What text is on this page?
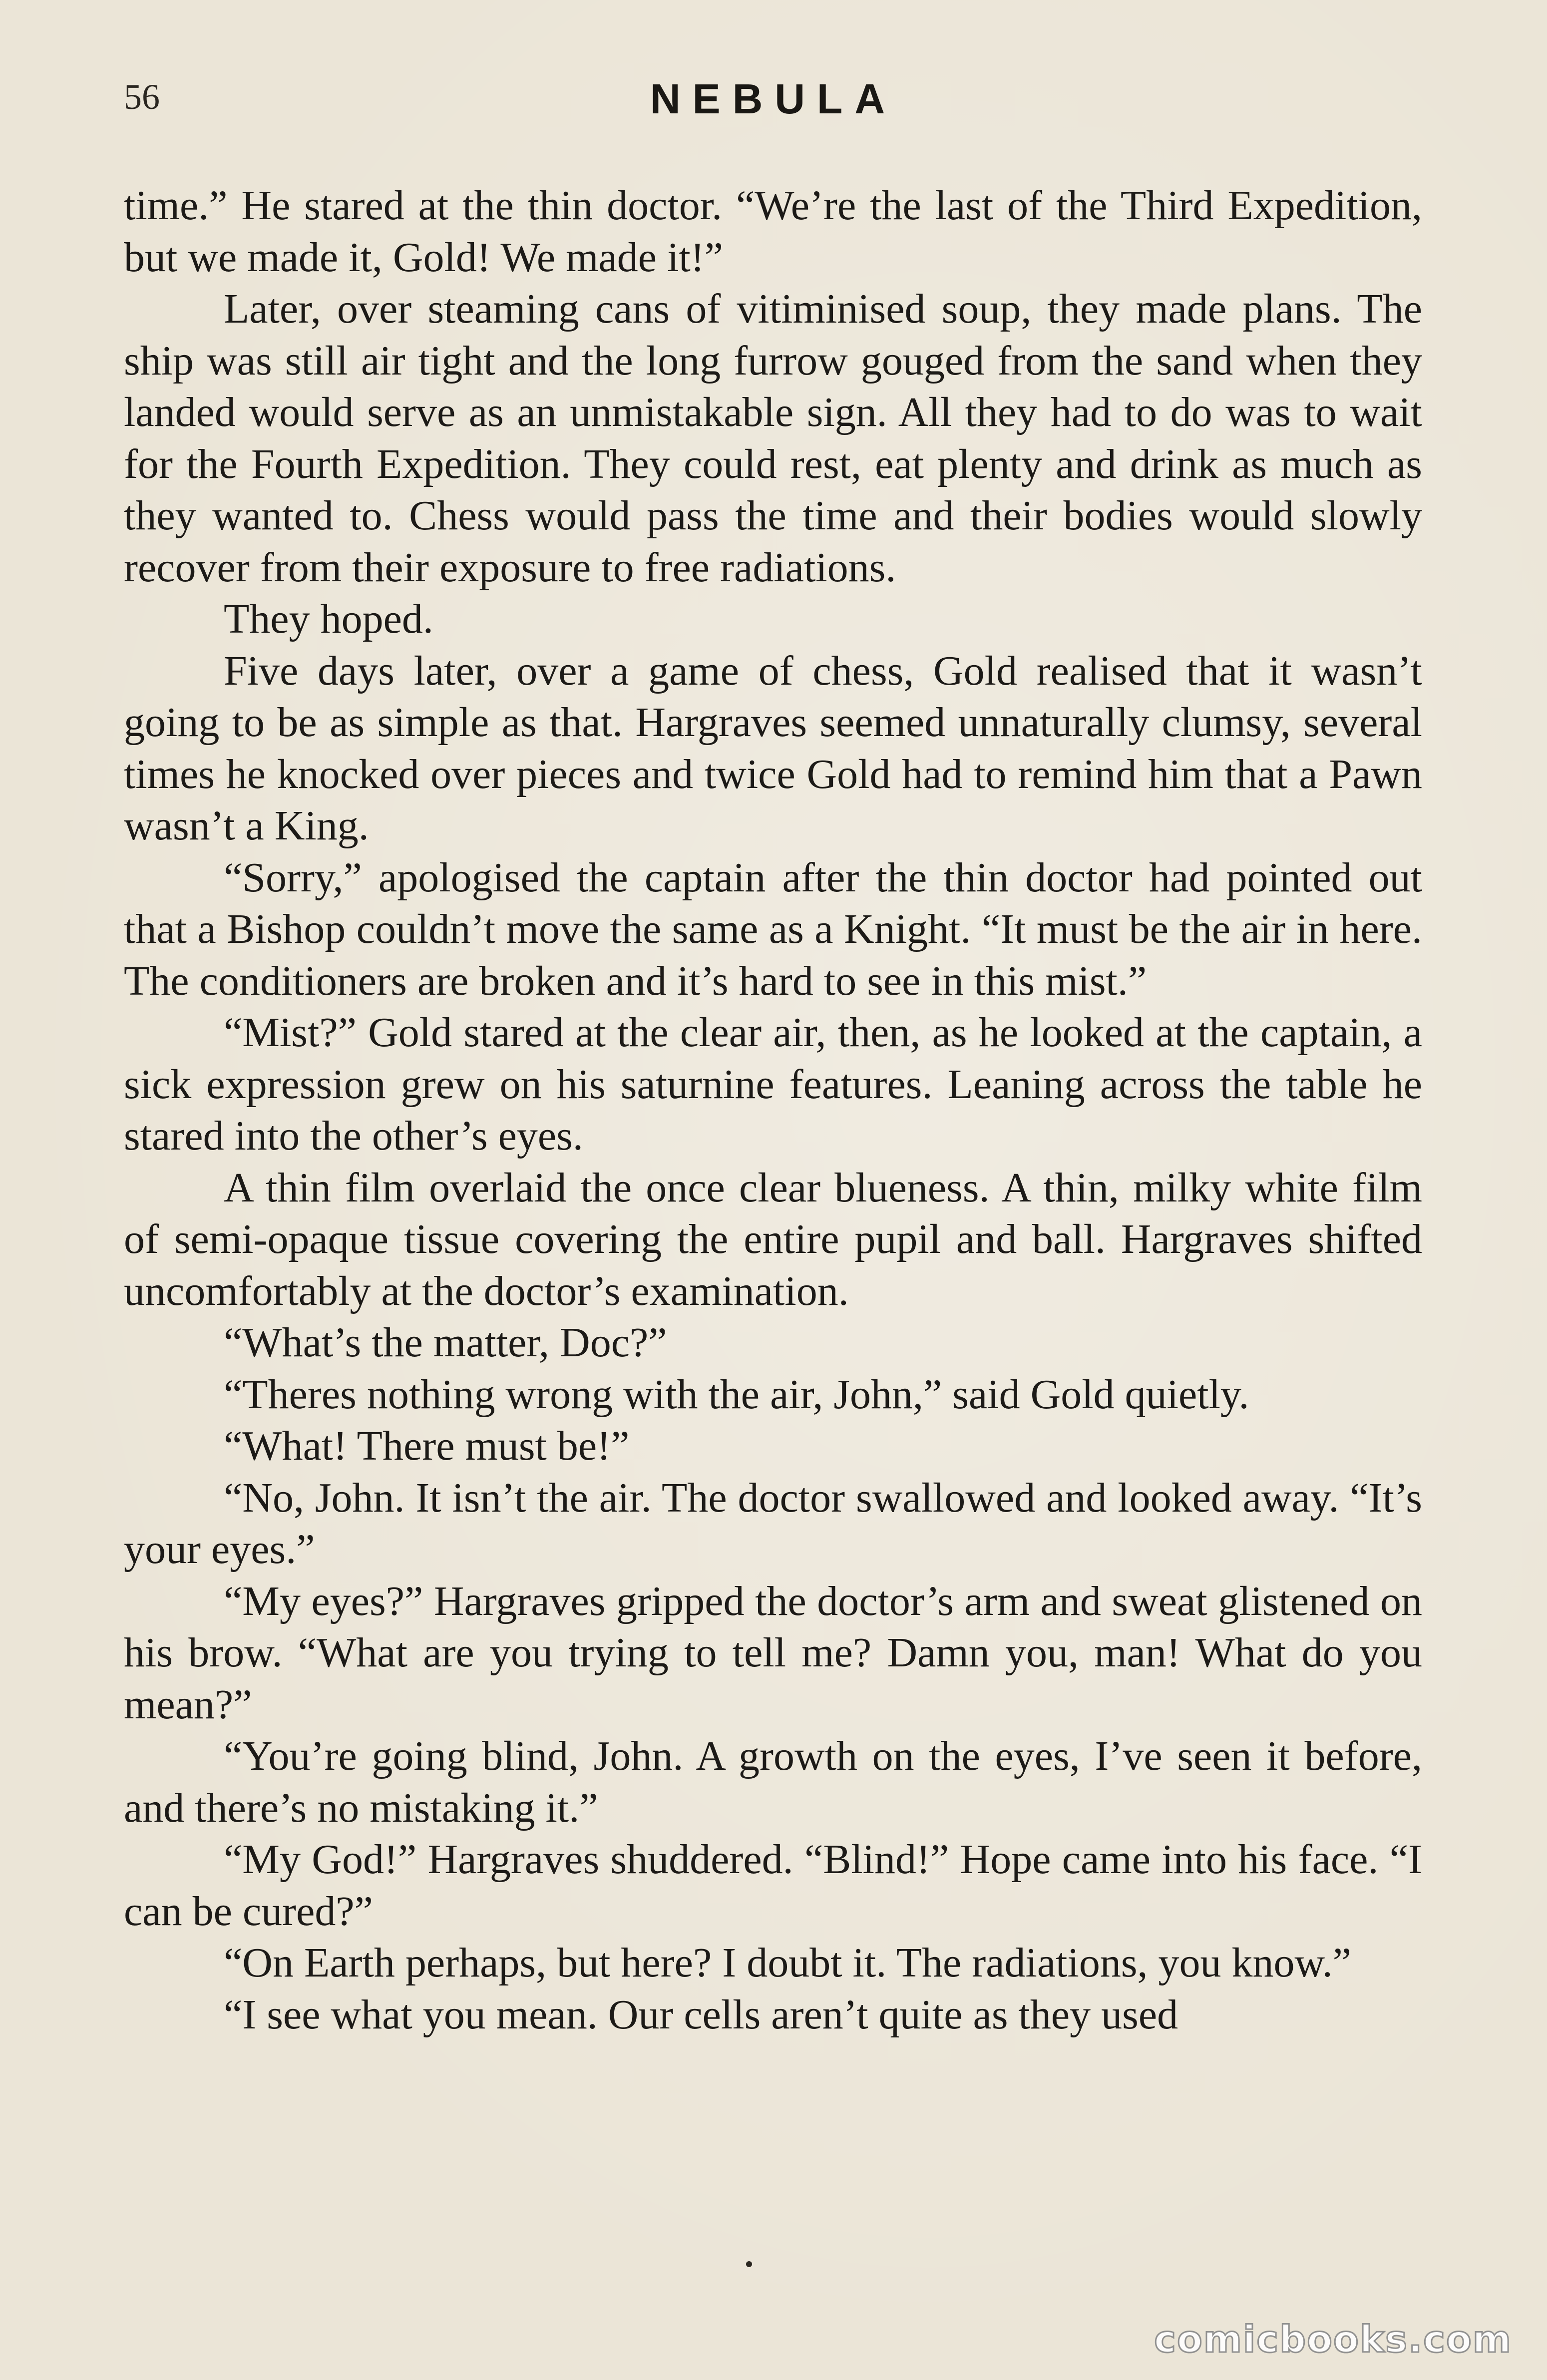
56	NEBULA

time.” He stared at the thin doctor. “We’re the last of the Third Expedition, but we made it, Gold! We made it!”

Later, over steaming cans of vitiminised soup, they made plans. The ship was still air tight and the long furrow gouged from the sand when they landed would serve as an unmistakable sign. All they had to do was to wait for the Fourth Expedition. They could rest, eat plenty and drink as much as they wanted to. Chess would pass the time and their bodies would slowly recover from their exposure to free radiations.

They hoped.

Five days later, over a game of chess, Gold realised that it wasn’t going to be as simple as that. Hargraves seemed unnaturally clumsy, several times he knocked over pieces and twice Gold had to remind him that a Pawn wasn’t a King.

“Sorry,” apologised the captain after the thin doctor had pointed out that a Bishop couldn’t move the same as a Knight. “It must be the air in here. The conditioners are broken and it’s hard to see in this mist.”

“Mist?” Gold stared at the clear air, then, as he looked at the captain, a sick expression grew on his saturnine features. Leaning across the table he stared into the other’s eyes.

A thin film overlaid the once clear blueness. A thin, milky white film of semi-opaque tissue covering the entire pupil and ball. Hargraves shifted uncomfortably at the doctor’s examination.

“What’s the matter, Doc?”

“Theres nothing wrong with the air, John,” said Gold quietly.

“What! There must be!”

“No, John. It isn’t the air. The doctor swallowed and looked away. “It’s your eyes.”

“My eyes?” Hargraves gripped the doctor’s arm and sweat glistened on his brow. “What are you trying to tell me? Damn you, man! What do you mean?”

“You’re going blind, John. A growth on the eyes, I’ve seen it before, and there’s no mistaking it.”

“My God!” Hargraves shuddered. “Blind!” Hope came into his face. “I can be cured?”

“On Earth perhaps, but here? I doubt it. The radiations, you know.”

“I see what you mean. Our cells aren’t quite as they used

comicbooks.com
